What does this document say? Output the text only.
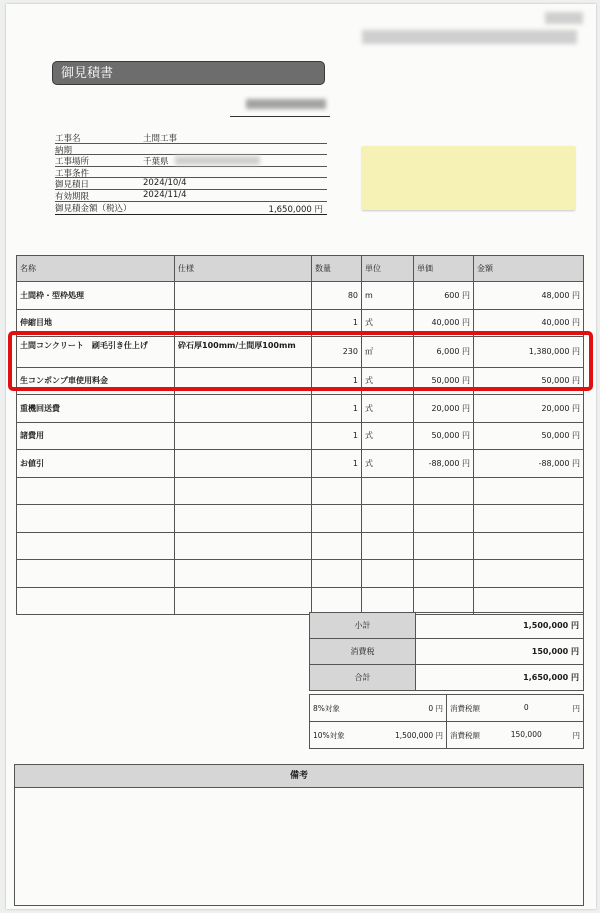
御見積書
工事名	土間工事
納期
工事場所	千葉県
工事条件
御見積日	2024/10/4
有効期限	2024/11/4
御見積金額（税込）	1,650,000 円
名称	仕様	数量	単位	単価	金額
土間枠・型枠処理		80	m	600 円	48,000 円
伸縮目地		1	式	40,000 円	40,000 円
土間コンクリート　刷毛引き仕上げ	砕石厚100mm/土間厚100mm	230	㎡	6,000 円	1,380,000 円
生コンポンプ車使用料金		1	式	50,000 円	50,000 円
重機回送費		1	式	20,000 円	20,000 円
諸費用		1	式	50,000 円	50,000 円
お値引		1	式	-88,000 円	-88,000 円

小計	1,500,000 円
消費税	150,000 円
合計	1,650,000 円
8%対象 0 円	消費税額 0 円

10%対象 1,500,000 円	消費税額 150,000 円
備考
